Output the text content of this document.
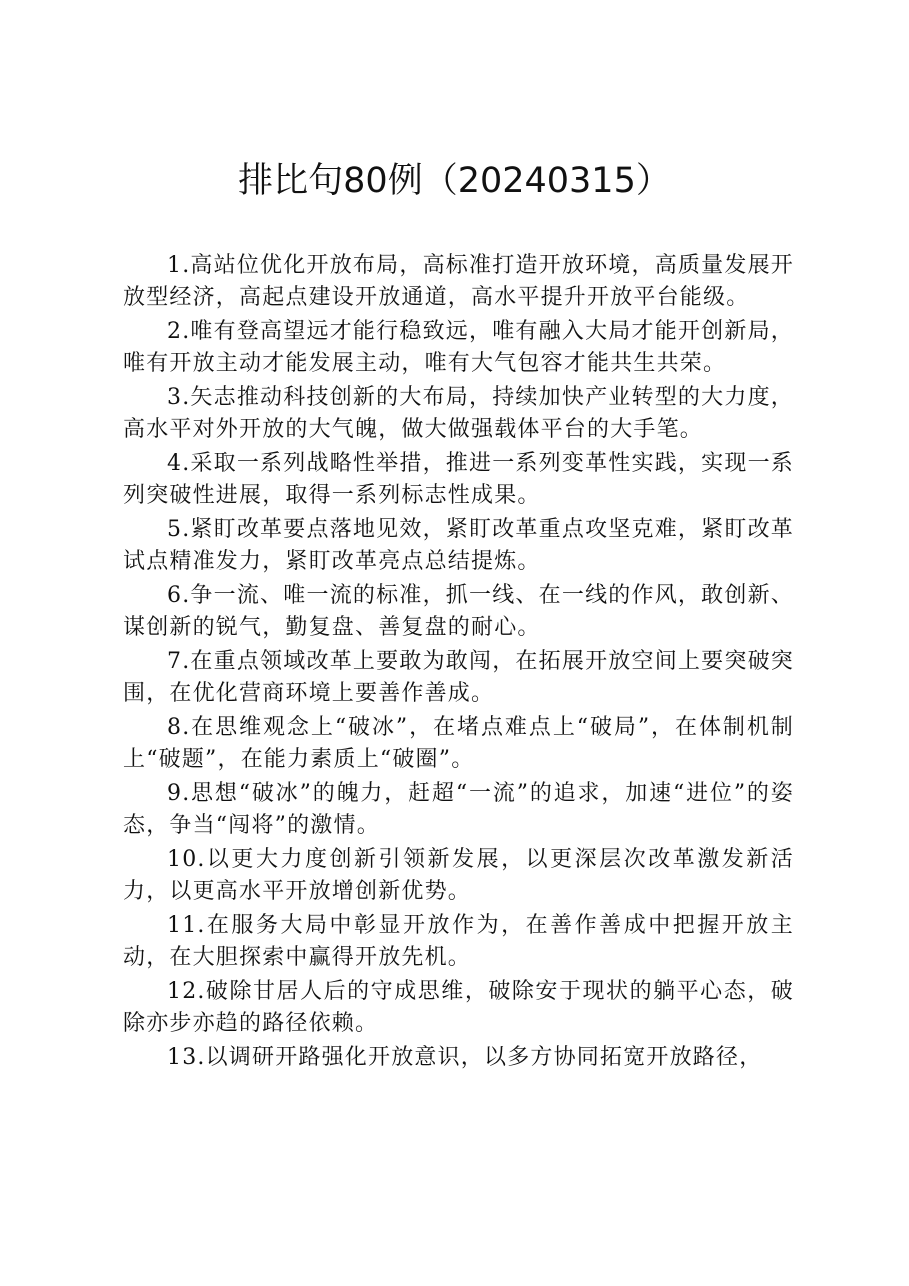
排比句80例（20240315）

1.高站位优化开放布局，高标准打造开放环境，高质量发展开放型经济，高起点建设开放通道，高水平提升开放平台能级。

2.唯有登高望远才能行稳致远，唯有融入大局才能开创新局，唯有开放主动才能发展主动，唯有大气包容才能共生共荣。

3.矢志推动科技创新的大布局，持续加快产业转型的大力度，高水平对外开放的大气魄，做大做强载体平台的大手笔。

4.采取一系列战略性举措，推进一系列变革性实践，实现一系列突破性进展，取得一系列标志性成果。

5.紧盯改革要点落地见效，紧盯改革重点攻坚克难，紧盯改革试点精准发力，紧盯改革亮点总结提炼。

6.争一流、唯一流的标准，抓一线、在一线的作风，敢创新、谋创新的锐气，勤复盘、善复盘的耐心。

7.在重点领域改革上要敢为敢闯，在拓展开放空间上要突破突围，在优化营商环境上要善作善成。

8.在思维观念上“破冰”，在堵点难点上“破局”，在体制机制上“破题”，在能力素质上“破圈”。

9.思想“破冰”的魄力，赶超“一流”的追求，加速“进位”的姿态，争当“闯将”的激情。

10.以更大力度创新引领新发展，以更深层次改革激发新活力，以更高水平开放增创新优势。

11.在服务大局中彰显开放作为，在善作善成中把握开放主动，在大胆探索中赢得开放先机。

12.破除甘居人后的守成思维，破除安于现状的躺平心态，破除亦步亦趋的路径依赖。

13.以调研开路强化开放意识，以多方协同拓宽开放路径，
